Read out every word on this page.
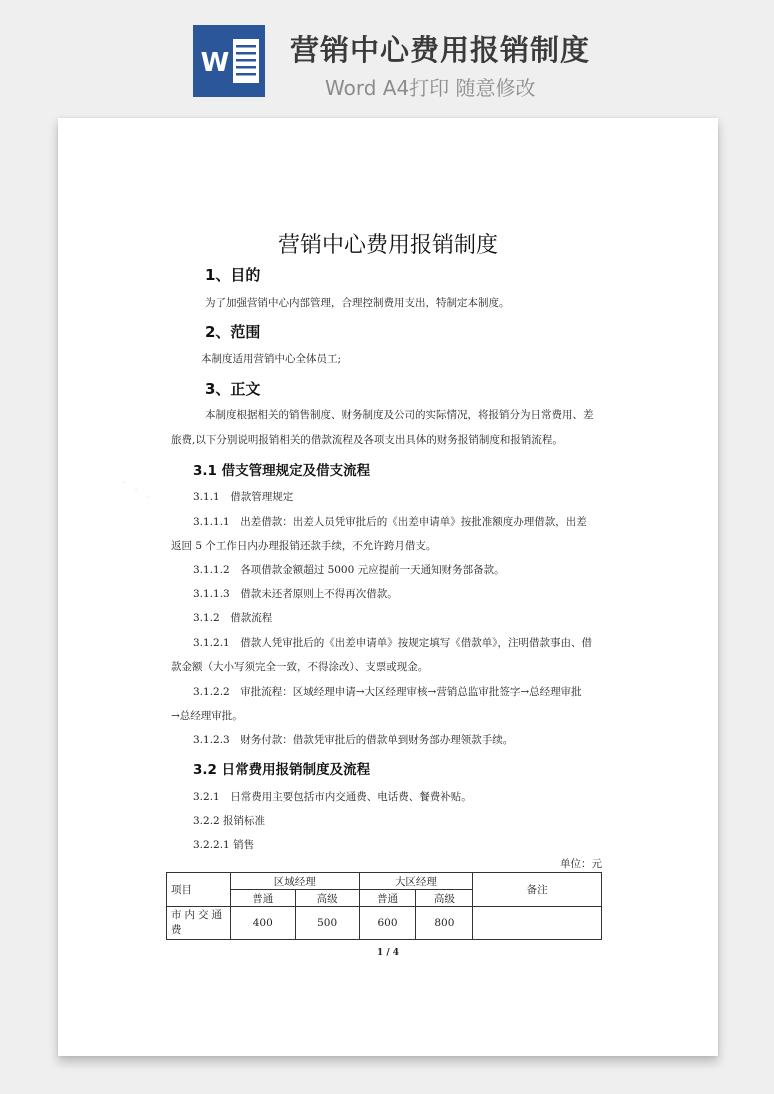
W 营销中心费用报销制度
Word A4打印 随意修改
· · ·
营销中心费用报销制度
1、目的
为了加强营销中心内部管理，合理控制费用支出，特制定本制度。
2、范围
本制度适用营销中心全体员工;
3、正文
本制度根据相关的销售制度、财务制度及公司的实际情况，将报销分为日常费用、差
旅费,以下分别说明报销相关的借款流程及各项支出具体的财务报销制度和报销流程。
3.1 借支管理规定及借支流程
3.1.1　借款管理规定
3.1.1.1　出差借款：出差人员凭审批后的《出差申请单》按批准额度办理借款，出差
返回 5 个工作日内办理报销还款手续，不允许跨月借支。
3.1.1.2　各项借款金额超过 5000 元应提前一天通知财务部备款。
3.1.1.3　借款未还者原则上不得再次借款。
3.1.2　借款流程
3.1.2.1　借款人凭审批后的《出差申请单》按规定填写《借款单》，注明借款事由、借
款金额（大小写须完全一致，不得涂改）、支票或现金。
3.1.2.2　审批流程：区域经理申请→大区经理审核→营销总监审批签字→总经理审批
→总经理审批。
3.1.2.3　财务付款：借款凭审批后的借款单到财务部办理领款手续。
3.2 日常费用报销制度及流程
3.2.1　日常费用主要包括市内交通费、电话费、餐费补贴。
3.2.2 报销标准
3.2.2.1 销售
单位：元
项目	区域经理		大区经理		备注
	普通	高级	普通	高级	
市内交通费	400	500	600	800	
1 / 4
